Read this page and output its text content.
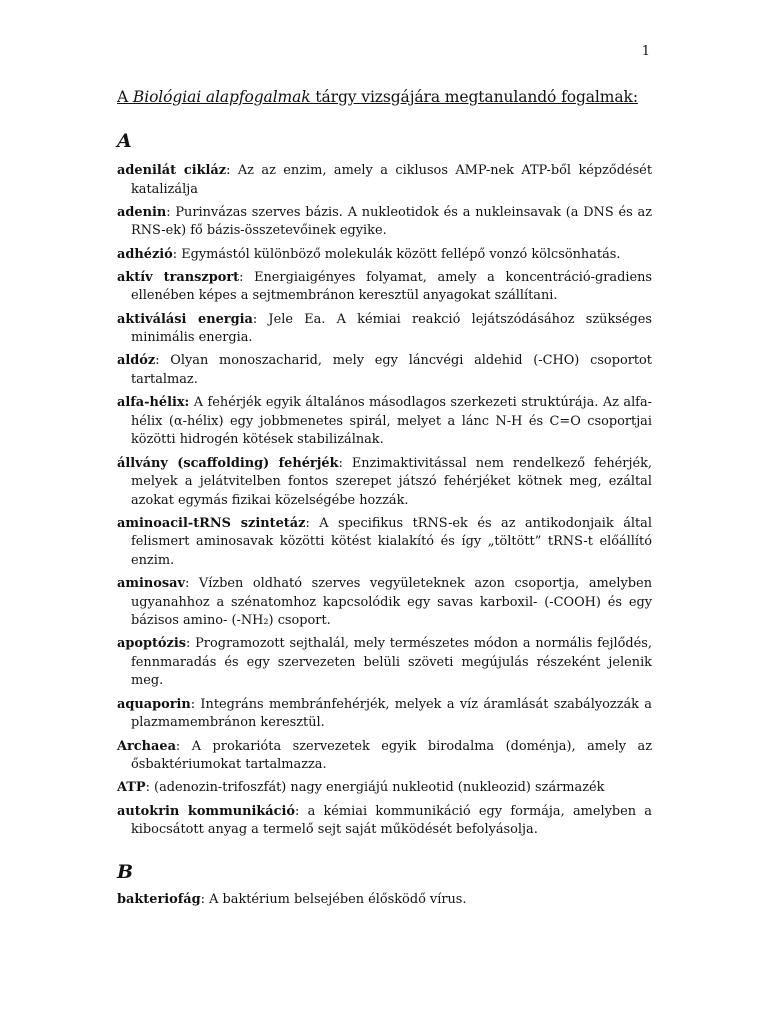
1
A Biológiai alapfogalmak tárgy vizsgájára megtanulandó fogalmak:
A

adenilát cikláz: Az az enzim, amely a ciklusos AMP-nek ATP-ből képződését katalizálja

adenin: Purinvázas szerves bázis. A nukleotidok és a nukleinsavak (a DNS és az RNS-ek) fő bázis-összetevőinek egyike.

adhézió: Egymástól különböző molekulák között fellépő vonzó kölcsönhatás.

aktív transzport: Energiaigényes folyamat, amely a koncentráció-gradiens ellenében képes a sejtmembránon keresztül anyagokat szállítani.

aktiválási energia: Jele Ea. A kémiai reakció lejátszódásához szükséges minimális energia.

aldóz: Olyan monoszacharid, mely egy láncvégi aldehid (-CHO) csoportot tartalmaz.

alfa-hélix: A fehérjék egyik általános másodlagos szerkezeti struktúrája. Az alfa-hélix (α-hélix) egy jobbmenetes spirál, melyet a lánc N-H és C=O csoportjai közötti hidrogén kötések stabilizálnak.

állvány (scaffolding) fehérjék: Enzimaktivitással nem rendelkező fehérjék, melyek a jelátvitelben fontos szerepet játszó fehérjéket kötnek meg, ezáltal azokat egymás fizikai közelségébe hozzák.

aminoacil-tRNS szintetáz: A specifikus tRNS-ek és az antikodonjaik által felismert aminosavak közötti kötést kialakító és így „töltött” tRNS-t előállító enzim.

aminosav: Vízben oldható szerves vegyületeknek azon csoportja, amelyben ugyanahhoz a szénatomhoz kapcsolódik egy savas karboxil- (-COOH) és egy bázisos amino- (-NH₂) csoport.

apoptózis: Programozott sejthalál, mely természetes módon a normális fejlődés, fennmaradás és egy szervezeten belüli szöveti megújulás részeként jelenik meg.

aquaporin: Integráns membránfehérjék, melyek a víz áramlását szabályozzák a plazmamembránon keresztül.

Archaea: A prokarióta szervezetek egyik birodalma (doménja), amely az ősbaktériumokat tartalmazza.

ATP: (adenozin-trifoszfát) nagy energiájú nukleotid (nukleozid) származék

autokrin kommunikáció: a kémiai kommunikáció egy formája, amelyben a kibocsátott anyag a termelő sejt saját működését befolyásolja.

B

bakteriofág: A baktérium belsejében élősködő vírus.
